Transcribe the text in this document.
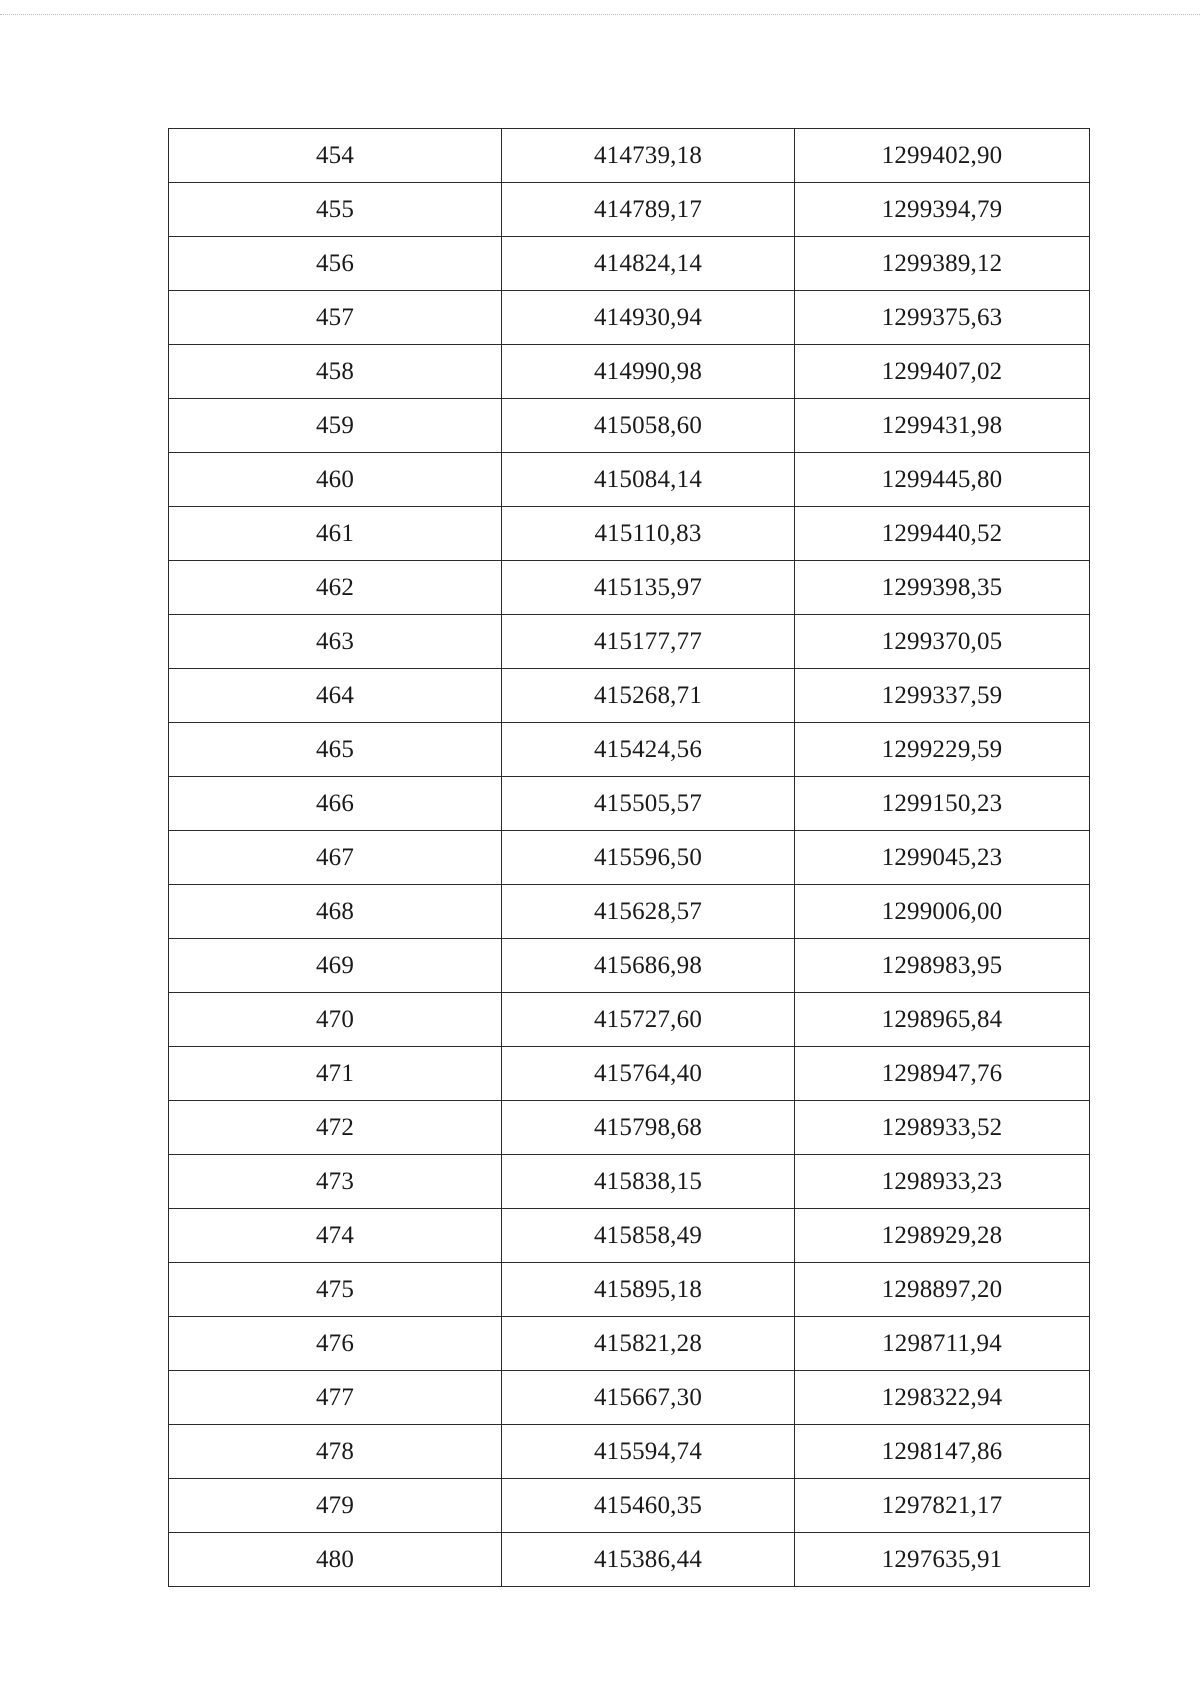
454	414739,18	1299402,90
455	414789,17	1299394,79
456	414824,14	1299389,12
457	414930,94	1299375,63
458	414990,98	1299407,02
459	415058,60	1299431,98
460	415084,14	1299445,80
461	415110,83	1299440,52
462	415135,97	1299398,35
463	415177,77	1299370,05
464	415268,71	1299337,59
465	415424,56	1299229,59
466	415505,57	1299150,23
467	415596,50	1299045,23
468	415628,57	1299006,00
469	415686,98	1298983,95
470	415727,60	1298965,84
471	415764,40	1298947,76
472	415798,68	1298933,52
473	415838,15	1298933,23
474	415858,49	1298929,28
475	415895,18	1298897,20
476	415821,28	1298711,94
477	415667,30	1298322,94
478	415594,74	1298147,86
479	415460,35	1297821,17
480	415386,44	1297635,91
